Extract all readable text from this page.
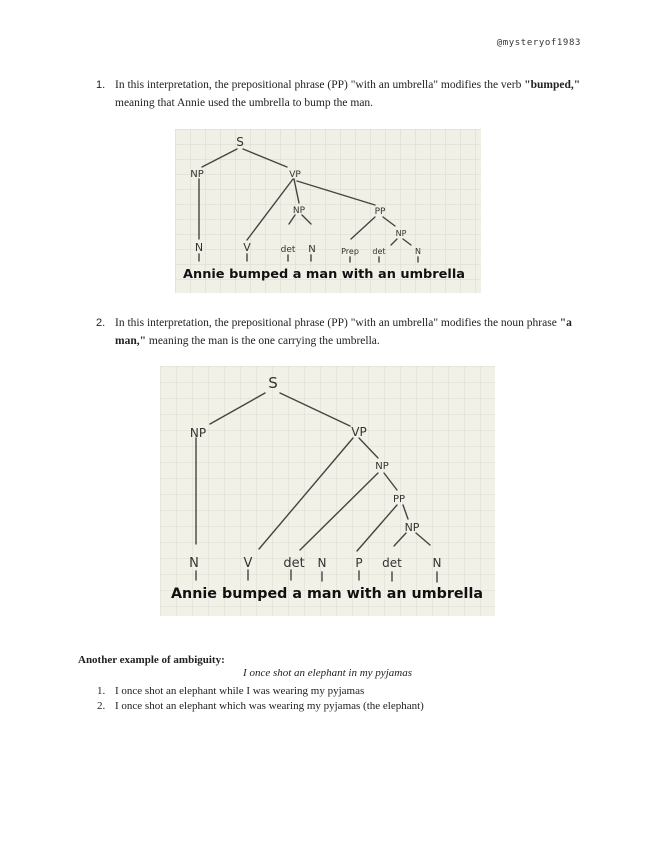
@mysteryof1983
1. In this interpretation, the prepositional phrase (PP) "with an umbrella" modifies the verb "bumped," meaning that Annie used the umbrella to bump the man.
S
NP	VP
NP	PP
NP
N	V	det N	Prep det	N
Annie bumped a man with an umbrella
2. In this interpretation, the prepositional phrase (PP) "with an umbrella" modifies the noun phrase "a man," meaning the man is the one carrying the umbrella.
S
NP	VP
NP
PP
NP
N	V det N P det	N
Annie bumped a man with an umbrella
Another example of ambiguity:
I once shot an elephant in my pyjamas
1. I once shot an elephant while I was wearing my pyjamas
2. I once shot an elephant which was wearing my pyjamas (the elephant)
